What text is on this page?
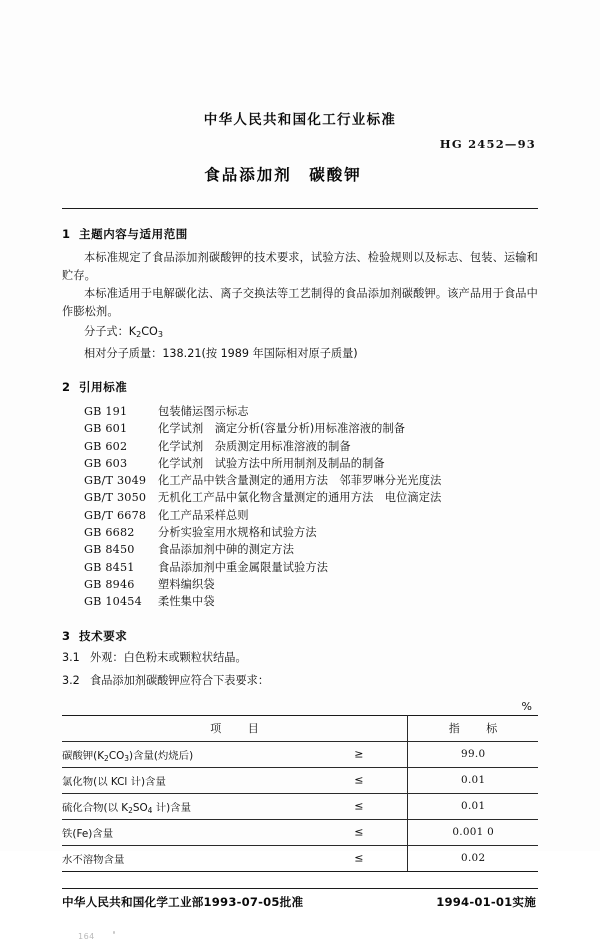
中华人民共和国化工行业标准
HG 2452—93
食品添加剂　碳酸钾
1 主题内容与适用范围
本标准规定了食品添加剂碳酸钾的技术要求，试验方法、检验规则以及标志、包装、运输和贮存。
本标准适用于电解碳化法、离子交换法等工艺制得的食品添加剂碳酸钾。该产品用于食品中作膨松剂。
分子式：$K_2CO_3$
相对分子质量：138.21(按 1989 年国际相对原子质量)
2 引用标准
GB 191	包装储运图示标志
GB 601	化学试剂　滴定分析(容量分析)用标准溶液的制备
GB 602	化学试剂　杂质测定用标准溶液的制备
GB 603	化学试剂　试验方法中所用制剂及制品的制备
GB/T 3049	化工产品中铁含量测定的通用方法　邻菲罗啉分光光度法
GB/T 3050	无机化工产品中氯化物含量测定的通用方法　电位滴定法
GB/T 6678	化工产品采样总则
GB 6682	分析实验室用水规格和试验方法
GB 8450	食品添加剂中砷的测定方法
GB 8451	食品添加剂中重金属限量试验方法
GB 8946	塑料编织袋
GB 10454	柔性集中袋
3 技术要求
3.1 外观：白色粉末或颗粒状结晶。
3.2 食品添加剂碳酸钾应符合下表要求：
%
项 目	指 标
碳酸钾$(K_2CO_3)$含量(灼烧后) ≥	99.0
氯化物(以 KCl 计)含量 ≤	0.01
硫化合物(以 $K_2SO_4$ 计)含量 ≤	0.01
铁(Fe)含量 ≤	0.001 0
水不溶物含量 ≤	0.02
中华人民共和国化学工业部1993-07-05批准	1994-01-01实施
164
